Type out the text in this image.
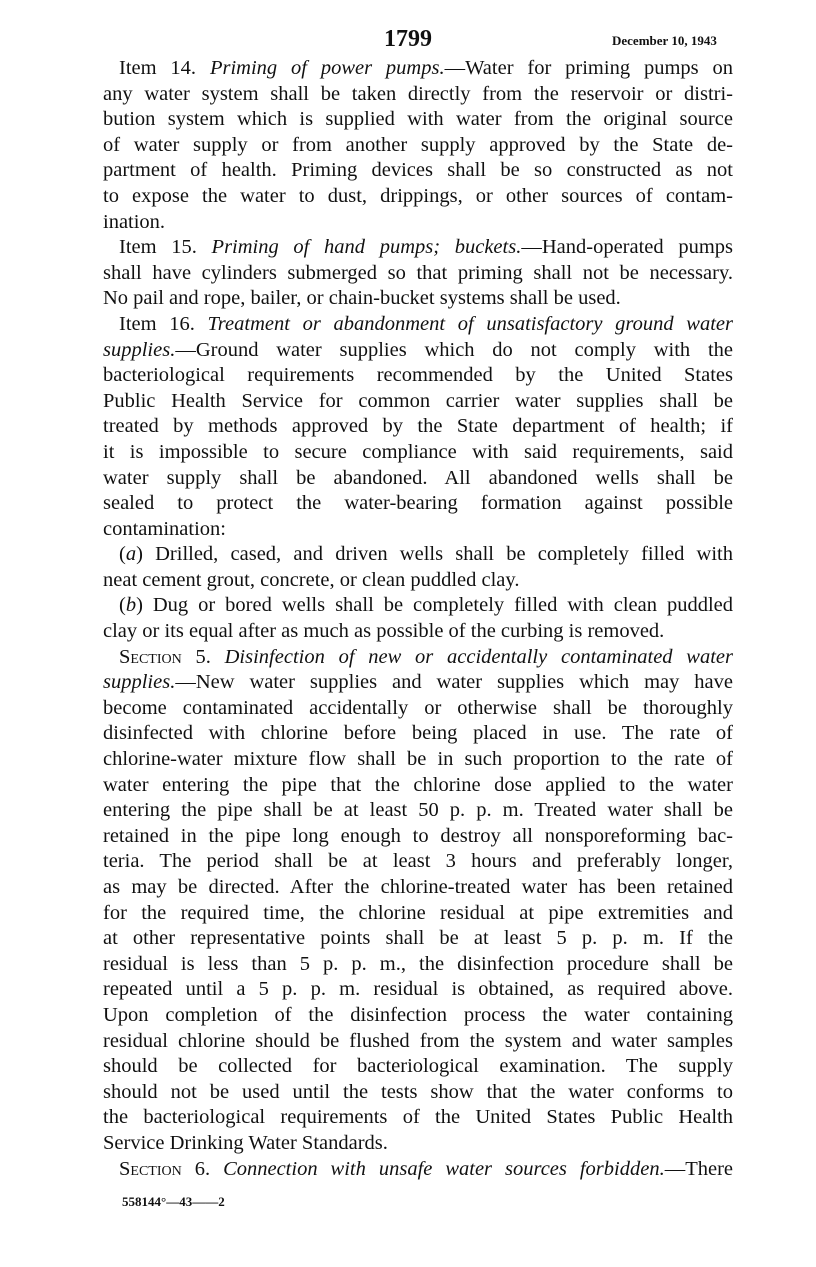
1799	December 10, 1943
Item 14. Priming of power pumps.—Water for priming pumps on
any water system shall be taken directly from the reservoir or distri-
bution system which is supplied with water from the original source
of water supply or from another supply approved by the State de-
partment of health. Priming devices shall be so constructed as not
to expose the water to dust, drippings, or other sources of contam-
ination.
Item 15. Priming of hand pumps; buckets.—Hand-operated pumps
shall have cylinders submerged so that priming shall not be necessary.
No pail and rope, bailer, or chain-bucket systems shall be used.
Item 16. Treatment or abandonment of unsatisfactory ground water
supplies.—Ground water supplies which do not comply with the
bacteriological requirements recommended by the United States
Public Health Service for common carrier water supplies shall be
treated by methods approved by the State department of health; if
it is impossible to secure compliance with said requirements, said
water supply shall be abandoned. All abandoned wells shall be
sealed to protect the water-bearing formation against possible
contamination:
(a) Drilled, cased, and driven wells shall be completely filled with
neat cement grout, concrete, or clean puddled clay.
(b) Dug or bored wells shall be completely filled with clean puddled
clay or its equal after as much as possible of the curbing is removed.
Section 5. Disinfection of new or accidentally contaminated water
supplies.—New water supplies and water supplies which may have
become contaminated accidentally or otherwise shall be thoroughly
disinfected with chlorine before being placed in use. The rate of
chlorine-water mixture flow shall be in such proportion to the rate of
water entering the pipe that the chlorine dose applied to the water
entering the pipe shall be at least 50 p. p. m. Treated water shall be
retained in the pipe long enough to destroy all nonsporeforming bac-
teria. The period shall be at least 3 hours and preferably longer,
as may be directed. After the chlorine-treated water has been retained
for the required time, the chlorine residual at pipe extremities and
at other representative points shall be at least 5 p. p. m. If the
residual is less than 5 p. p. m., the disinfection procedure shall be
repeated until a 5 p. p. m. residual is obtained, as required above.
Upon completion of the disinfection process the water containing
residual chlorine should be flushed from the system and water samples
should be collected for bacteriological examination. The supply
should not be used until the tests show that the water conforms to
the bacteriological requirements of the United States Public Health
Service Drinking Water Standards.
Section 6. Connection with unsafe water sources forbidden.—There
558144°—43——2
